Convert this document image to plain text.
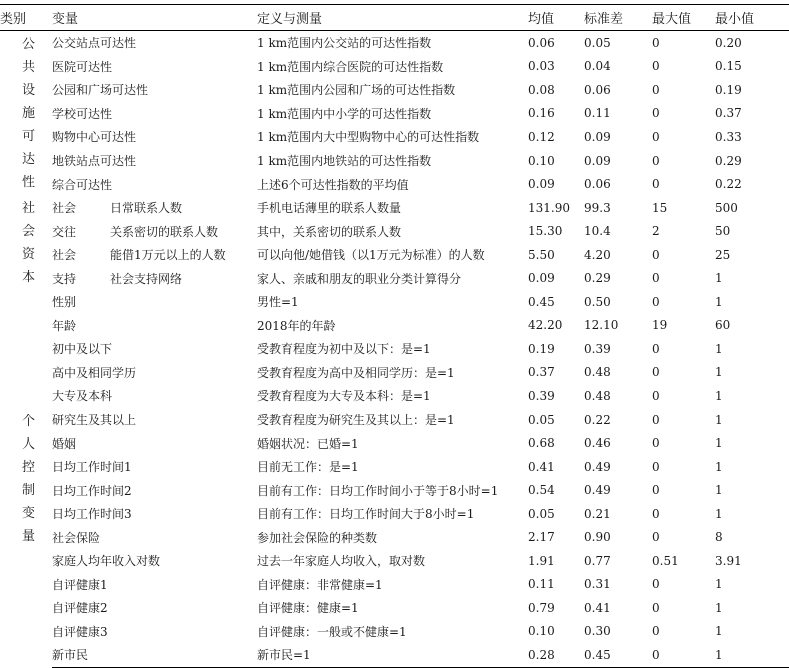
类别	变量	定义与测量	均值	标准差	最大值	最小值

公共设施可达性	公交站点可达性	1 km范围内公交站的可达性指数	0.06	0.05	0	0.20
	医院可达性	1 km范围内综合医院的可达性指数	0.03	0.04	0	0.15
	公园和广场可达性	1 km范围内公园和广场的可达性指数	0.08	0.06	0	0.19
	学校可达性	1 km范围内中小学的可达性指数	0.16	0.11	0	0.37
	购物中心可达性	1 km范围内大中型购物中心的可达性指数	0.12	0.09	0	0.33
	地铁站点可达性	1 km范围内地铁站的可达性指数	0.10	0.09	0	0.29
	综合可达性	上述6个可达性指数的平均值	0.09	0.06	0	0.22

社会资本	社会 日常联系人数	手机电话薄里的联系人数量	131.90	99.3	15	500
	交往 关系密切的联系人数	其中，关系密切的联系人数	15.30	10.4	2	50
	社会 能借1万元以上的人数	可以向他/她借钱（以1万元为标准）的人数	5.50	4.20	0	25
	支持 社会支持网络	家人、亲戚和朋友的职业分类计算得分	0.09	0.29	0	1

个人控制变量	性别	男性=1	0.45	0.50	0	1
	年龄	2018年的年龄	42.20	12.10	19	60
	初中及以下	受教育程度为初中及以下：是=1	0.19	0.39	0	1
	高中及相同学历	受教育程度为高中及相同学历：是=1	0.37	0.48	0	1
	大专及本科	受教育程度为大专及本科：是=1	0.39	0.48	0	1
	研究生及其以上	受教育程度为研究生及其以上：是=1	0.05	0.22	0	1
	婚姻	婚姻状况：已婚=1	0.68	0.46	0	1
	日均工作时间1	目前无工作：是=1	0.41	0.49	0	1
	日均工作时间2	目前有工作：日均工作时间小于等于8小时=1	0.54	0.49	0	1
	日均工作时间3	目前有工作：日均工作时间大于8小时=1	0.05	0.21	0	1
	社会保险	参加社会保险的种类数	2.17	0.90	0	8
	家庭人均年收入对数	过去一年家庭人均收入，取对数	1.91	0.77	0.51	3.91
	自评健康1	自评健康：非常健康=1	0.11	0.31	0	1
	自评健康2	自评健康：健康=1	0.79	0.41	0	1
	自评健康3	自评健康：一般或不健康=1	0.10	0.30	0	1
	新市民	新市民=1	0.28	0.45	0	1
